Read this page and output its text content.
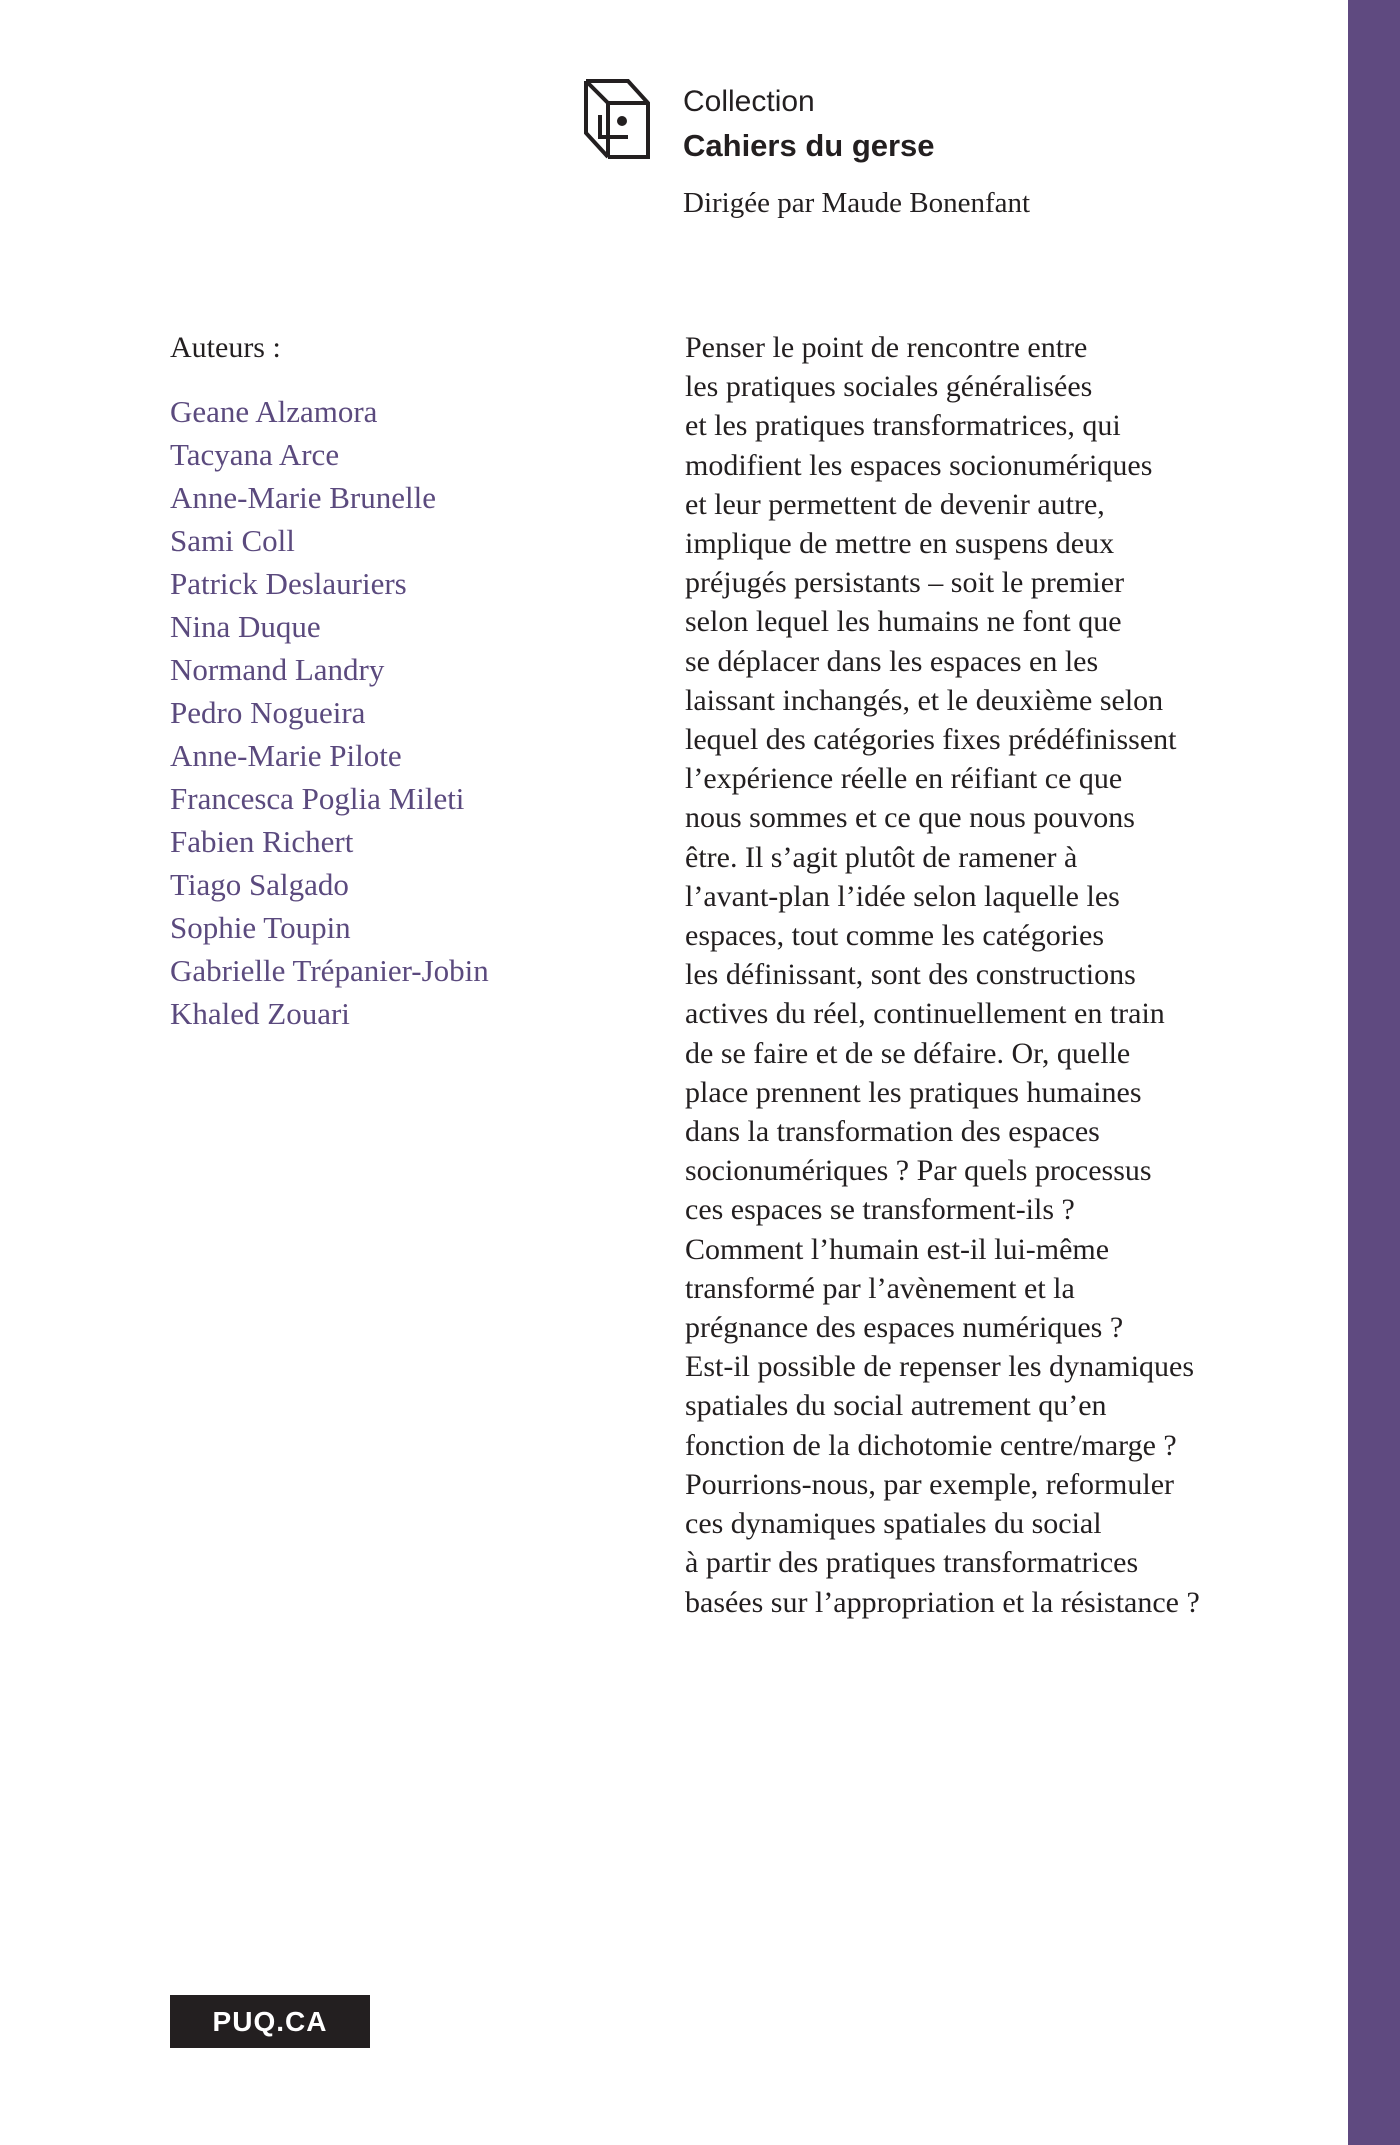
Collection
Cahiers du gerse
Dirigée par Maude Bonenfant
Auteurs :
Geane Alzamora
Tacyana Arce
Anne-Marie Brunelle
Sami Coll
Patrick Deslauriers
Nina Duque
Normand Landry
Pedro Nogueira
Anne-Marie Pilote
Francesca Poglia Mileti
Fabien Richert
Tiago Salgado
Sophie Toupin
Gabrielle Trépanier-Jobin
Khaled Zouari
Penser le point de rencontre entre
les pratiques sociales généralisées
et les pratiques transformatrices, qui
modifient les espaces socionumériques
et leur permettent de devenir autre,
implique de mettre en suspens deux
préjugés persistants – soit le premier
selon lequel les humains ne font que
se déplacer dans les espaces en les
laissant inchangés, et le deuxième selon
lequel des catégories fixes prédéfinissent
l’expérience réelle en réifiant ce que
nous sommes et ce que nous pouvons
être. Il s’agit plutôt de ramener à
l’avant-plan l’idée selon laquelle les
espaces, tout comme les catégories
les définissant, sont des constructions
actives du réel, continuellement en train
de se faire et de se défaire. Or, quelle
place prennent les pratiques humaines
dans la transformation des espaces
socionumériques ? Par quels processus
ces espaces se transforment-ils ?
Comment l’humain est-il lui-même
transformé par l’avènement et la
prégnance des espaces numériques ?
Est-il possible de repenser les dynamiques
spatiales du social autrement qu’en
fonction de la dichotomie centre/marge ?
Pourrions-nous, par exemple, reformuler
ces dynamiques spatiales du social
à partir des pratiques transformatrices
basées sur l’appropriation et la résistance ?
PUQ.CA
